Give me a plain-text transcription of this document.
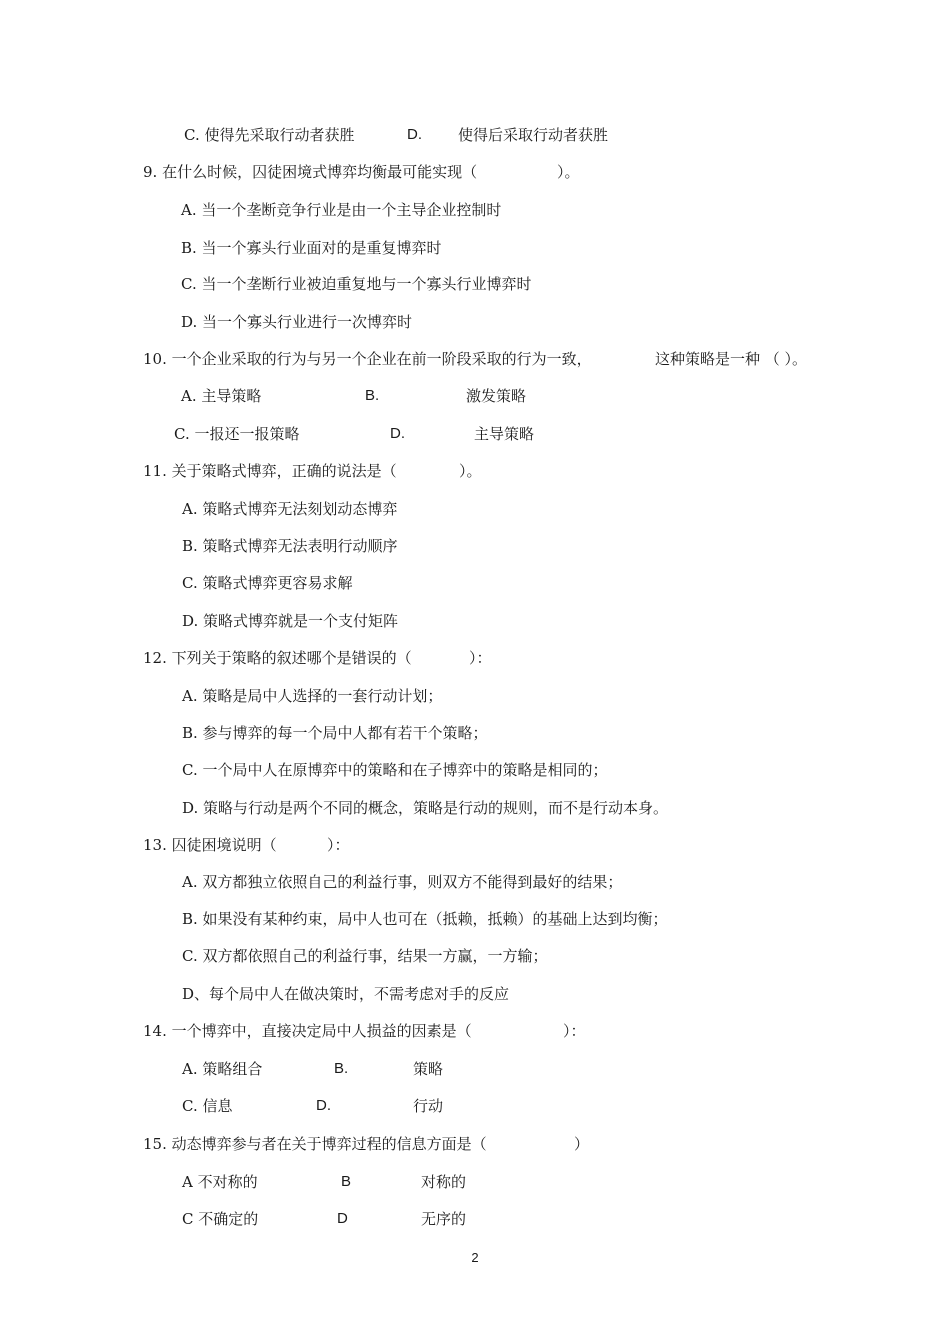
C. 使得先采取行动者获胜	D. 使得后采取行动者获胜
9. 在什么时候，囚徒困境式博弈均衡最可能实现（	）。
A. 当一个垄断竞争行业是由一个主导企业控制时
B. 当一个寡头行业面对的是重复博弈时
C. 当一个垄断行业被迫重复地与一个寡头行业博弈时
D. 当一个寡头行业进行一次博弈时
10. 一个企业采取的行为与另一个企业在前一阶段采取的行为一致，	这种策略是一种 （ ）。
A. 主导策略	B.	激发策略
C. 一报还一报策略	D.	主导策略
11. 关于策略式博弈，正确的说法是（	）。
A. 策略式博弈无法刻划动态博弈
B. 策略式博弈无法表明行动顺序
C. 策略式博弈更容易求解
D. 策略式博弈就是一个支付矩阵
12. 下列关于策略的叙述哪个是错误的（	）：
A. 策略是局中人选择的一套行动计划；
B. 参与博弈的每一个局中人都有若干个策略；
C. 一个局中人在原博弈中的策略和在子博弈中的策略是相同的；
D. 策略与行动是两个不同的概念，策略是行动的规则，而不是行动本身。
13. 囚徒困境说明（	）：
A. 双方都独立依照自己的利益行事，则双方不能得到最好的结果；
B. 如果没有某种约束，局中人也可在（抵赖，抵赖）的基础上达到均衡；
C. 双方都依照自己的利益行事，结果一方赢，一方输；
D、每个局中人在做决策时，不需考虑对手的反应
14. 一个博弈中，直接决定局中人损益的因素是（	）：
A. 策略组合	B.	策略
C. 信息	D.	行动
15. 动态博弈参与者在关于博弈过程的信息方面是（	）
A 不对称的	B	对称的
C 不确定的	D	无序的
2
